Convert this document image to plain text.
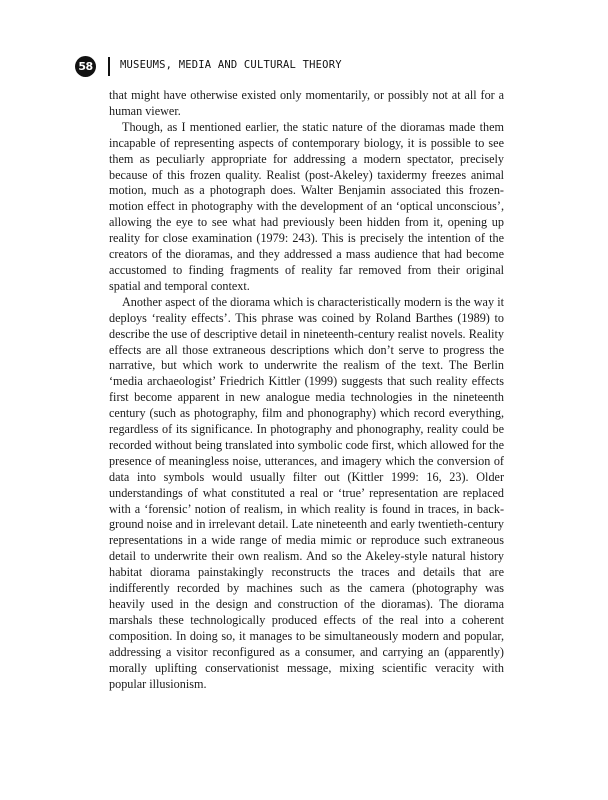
58	MUSEUMS, MEDIA AND CULTURAL THEORY

that might have otherwise existed only momentarily, or possibly not at all for a human viewer.

Though, as I mentioned earlier, the static nature of the dioramas made them incapable of representing aspects of contemporary biology, it is possible to see them as peculiarly appropriate for addressing a modern spectator, precisely because of this frozen quality. Realist (post-Akeley) taxidermy freezes animal motion, much as a photograph does. Walter Benjamin associated this frozen-motion effect in photography with the development of an ‘optical unconscious’, allowing the eye to see what had previously been hidden from it, opening up reality for close examination (1979: 243). This is precisely the intention of the creators of the dioramas, and they addressed a mass audience that had become accustomed to finding fragments of reality far removed from their original spatial and temporal context.

Another aspect of the diorama which is characteristically modern is the way it deploys ‘reality effects’. This phrase was coined by Roland Barthes (1989) to describe the use of descriptive detail in nineteenth-century realist novels. Reality effects are all those extraneous descriptions which don’t serve to progress the narrative, but which work to underwrite the realism of the text. The Berlin ‘media archaeologist’ Friedrich Kittler (1999) suggests that such reality effects first become apparent in new analogue media technologies in the nineteenth century (such as photography, film and phonography) which record everything, regardless of its significance. In photography and phonography, reality could be recorded without being translated into symbolic code first, which allowed for the presence of meaningless noise, utterances, and imagery which the conversion of data into symbols would usually filter out (Kittler 1999: 16, 23). Older understandings of what constituted a real or ‘true’ representation are replaced with a ‘forensic’ notion of realism, in which reality is found in traces, in background noise and in irrelevant detail. Late nineteenth and early twentieth-century representations in a wide range of media mimic or reproduce such extraneous detail to underwrite their own realism. And so the Akeley-style natural history habitat diorama painstakingly reconstructs the traces and details that are indifferently recorded by machines such as the camera (photography was heavily used in the design and construction of the dioramas). The diorama marshals these technologically produced effects of the real into a coherent composition. In doing so, it manages to be simultaneously modern and popular, addressing a visitor reconfigured as a consumer, and carrying an (apparently) morally uplifting conservationist message, mixing scientific veracity with popular illusionism.
